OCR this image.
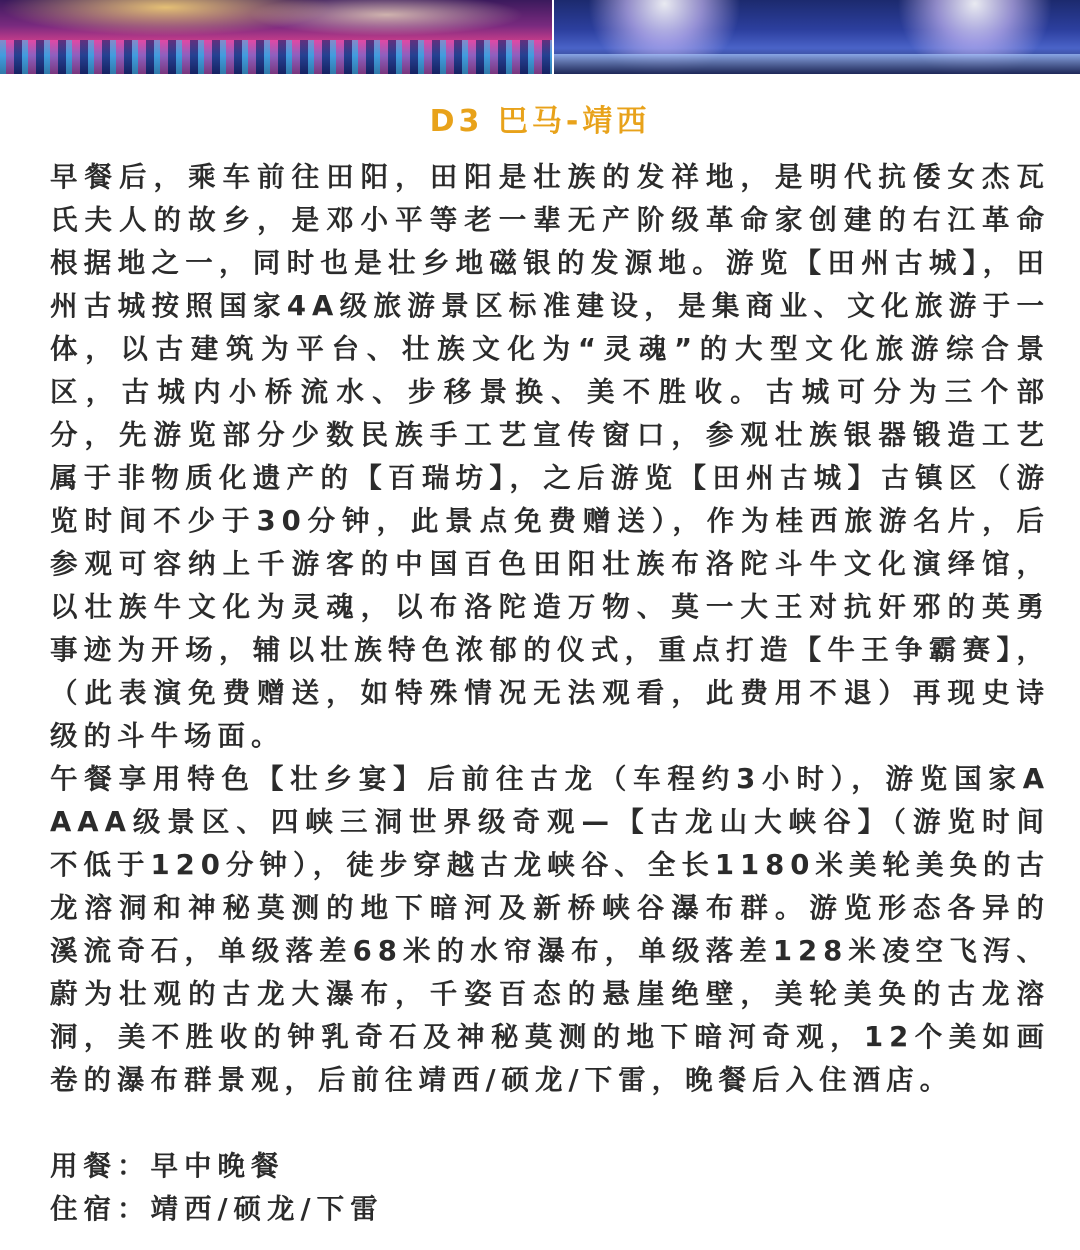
D3 巴马-靖西

早餐后，乘车前往田阳，田阳是壮族的发祥地，是明代抗倭女杰瓦氏夫人的故乡，是邓小平等老一辈无产阶级革命家创建的右江革命根据地之一，同时也是壮乡地磁银的发源地。游览【田州古城】，田州古城按照国家4A级旅游景区标准建设，是集商业、文化旅游于一体，以古建筑为平台、壮族文化为“灵魂”的大型文化旅游综合景区，古城内小桥流水、步移景换、美不胜收。古城可分为三个部分，先游览部分少数民族手工艺宣传窗口，参观壮族银器锻造工艺属于非物质化遗产的【百瑞坊】，之后游览【田州古城】古镇区（游览时间不少于30分钟，此景点免费赠送），作为桂西旅游名片，后参观可容纳上千游客的中国百色田阳壮族布洛陀斗牛文化演绎馆，以壮族牛文化为灵魂，以布洛陀造万物、莫一大王对抗奸邪的英勇事迹为开场，辅以壮族特色浓郁的仪式，重点打造【牛王争霸赛】，（此表演免费赠送，如特殊情况无法观看，此费用不退）再现史诗级的斗牛场面。

午餐享用特色【壮乡宴】后前往古龙（车程约3小时），游览国家AAAA级景区、四峡三洞世界级奇观—【古龙山大峡谷】（游览时间不低于120分钟），徒步穿越古龙峡谷、全长1180米美轮美奂的古龙溶洞和神秘莫测的地下暗河及新桥峡谷瀑布群。游览形态各异的溪流奇石，单级落差68米的水帘瀑布，单级落差128米凌空飞泻、蔚为壮观的古龙大瀑布，千姿百态的悬崖绝壁，美轮美奂的古龙溶洞，美不胜收的钟乳奇石及神秘莫测的地下暗河奇观，12个美如画卷的瀑布群景观，后前往靖西/硕龙/下雷，晚餐后入住酒店。

用餐：早中晚餐
住宿：靖西/硕龙/下雷
